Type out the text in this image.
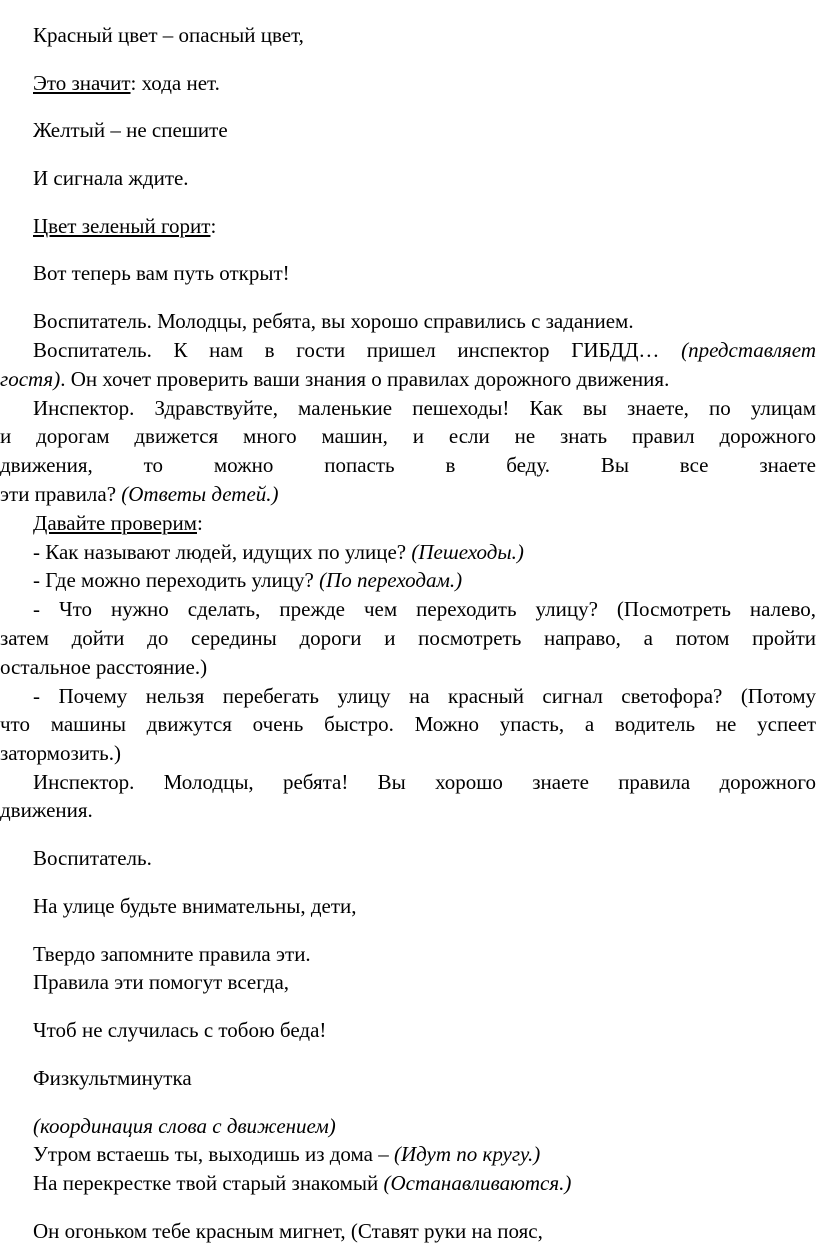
Красный цвет – опасный цвет,

Это значит: хода нет.

Желтый – не спешите

И сигнала ждите.

Цвет зеленый горит:

Вот теперь вам путь открыт!

Воспитатель. Молодцы, ребята, вы хорошо справились с заданием.

Воспитатель. К нам в гости пришел инспектор ГИБДД… (представляет

гостя). Он хочет проверить ваши знания о правилах дорожного движения.

Инспектор. Здравствуйте, маленькие пешеходы! Как вы знаете, по улицам

и дорогам движется много машин, и если не знать правил дорожного

движения, то можно попасть в беду. Вы все знаете

эти правила? (Ответы детей.)

Давайте проверим:

- Как называют людей, идущих по улице? (Пешеходы.)

- Где можно переходить улицу? (По переходам.)

- Что нужно сделать, прежде чем переходить улицу? (Посмотреть налево,

затем дойти до середины дороги и посмотреть направо, а потом пройти

остальное расстояние.)

- Почему нельзя перебегать улицу на красный сигнал светофора? (Потому

что машины движутся очень быстро. Можно упасть, а водитель не успеет

затормозить.)

Инспектор. Молодцы, ребята! Вы хорошо знаете правила дорожного

движения.

Воспитатель.

На улице будьте внимательны, дети,

Твердо запомните правила эти.

Правила эти помогут всегда,

Чтоб не случилась с тобою беда!

Физкультминутка

(координация слова с движением)

Утром встаешь ты, выходишь из дома – (Идут по кругу.)

На перекрестке твой старый знакомый (Останавливаются.)

Он огоньком тебе красным мигнет, (Ставят руки на пояс,
